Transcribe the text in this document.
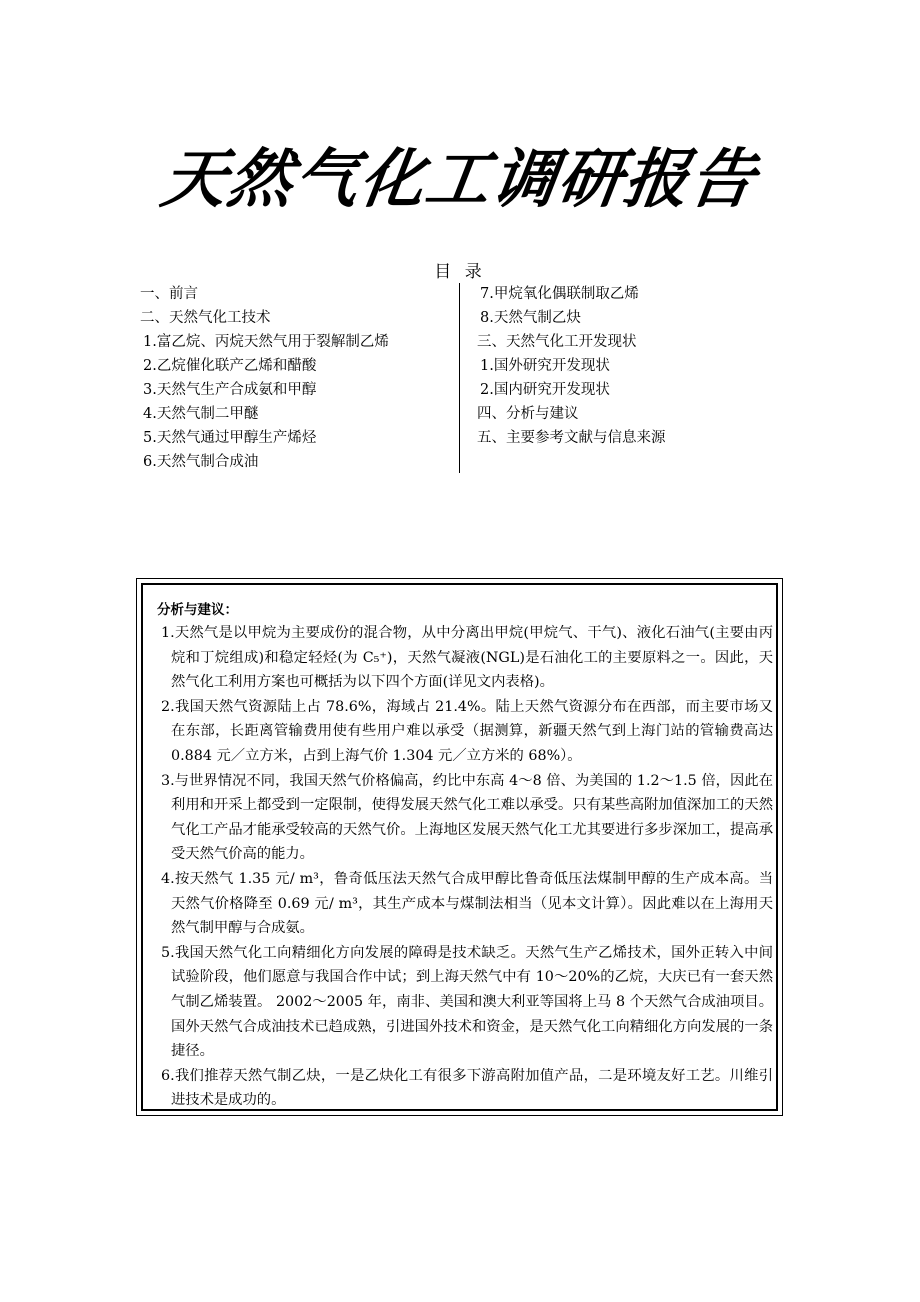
天然气化工调研报告
目 录
一、前言
二、天然气化工技术
1.富乙烷、丙烷天然气用于裂解制乙烯
2.乙烷催化联产乙烯和醋酸
3.天然气生产合成氨和甲醇
4.天然气制二甲醚
5.天然气通过甲醇生产烯烃
6.天然气制合成油
7.甲烷氧化偶联制取乙烯
8.天然气制乙炔
三、天然气化工开发现状
1.国外研究开发现状
2.国内研究开发现状
四、分析与建议
五、主要参考文献与信息来源
分析与建议：
1.天然气是以甲烷为主要成份的混合物，从中分离出甲烷(甲烷气、干气)、液化石油气(主要由丙烷和丁烷组成)和稳定轻烃(为 C₅⁺)，天然气凝液(NGL)是石油化工的主要原料之一。因此，天然气化工利用方案也可概括为以下四个方面(详见文内表格)。
2.我国天然气资源陆上占 78.6%，海域占 21.4%。陆上天然气资源分布在西部，而主要市场又在东部，长距离管输费用使有些用户难以承受（据测算，新疆天然气到上海门站的管输费高达 0.884 元／立方米，占到上海气价 1.304 元／立方米的 68%）。
3.与世界情况不同，我国天然气价格偏高，约比中东高 4～8 倍、为美国的 1.2～1.5 倍，因此在利用和开采上都受到一定限制，使得发展天然气化工难以承受。只有某些高附加值深加工的天然气化工产品才能承受较高的天然气价。上海地区发展天然气化工尤其要进行多步深加工，提高承受天然气价高的能力。
4.按天然气 1.35 元/ m³，鲁奇低压法天然气合成甲醇比鲁奇低压法煤制甲醇的生产成本高。当天然气价格降至 0.69 元/ m³，其生产成本与煤制法相当（见本文计算）。因此难以在上海用天然气制甲醇与合成氨。
5.我国天然气化工向精细化方向发展的障碍是技术缺乏。天然气生产乙烯技术，国外正转入中间试验阶段，他们愿意与我国合作中试；到上海天然气中有 10～20%的乙烷，大庆已有一套天然气制乙烯装置。 2002～2005 年，南非、美国和澳大利亚等国将上马 8 个天然气合成油项目。国外天然气合成油技术已趋成熟，引进国外技术和资金，是天然气化工向精细化方向发展的一条捷径。
6.我们推荐天然气制乙炔，一是乙炔化工有很多下游高附加值产品，二是环境友好工艺。川维引进技术是成功的。
